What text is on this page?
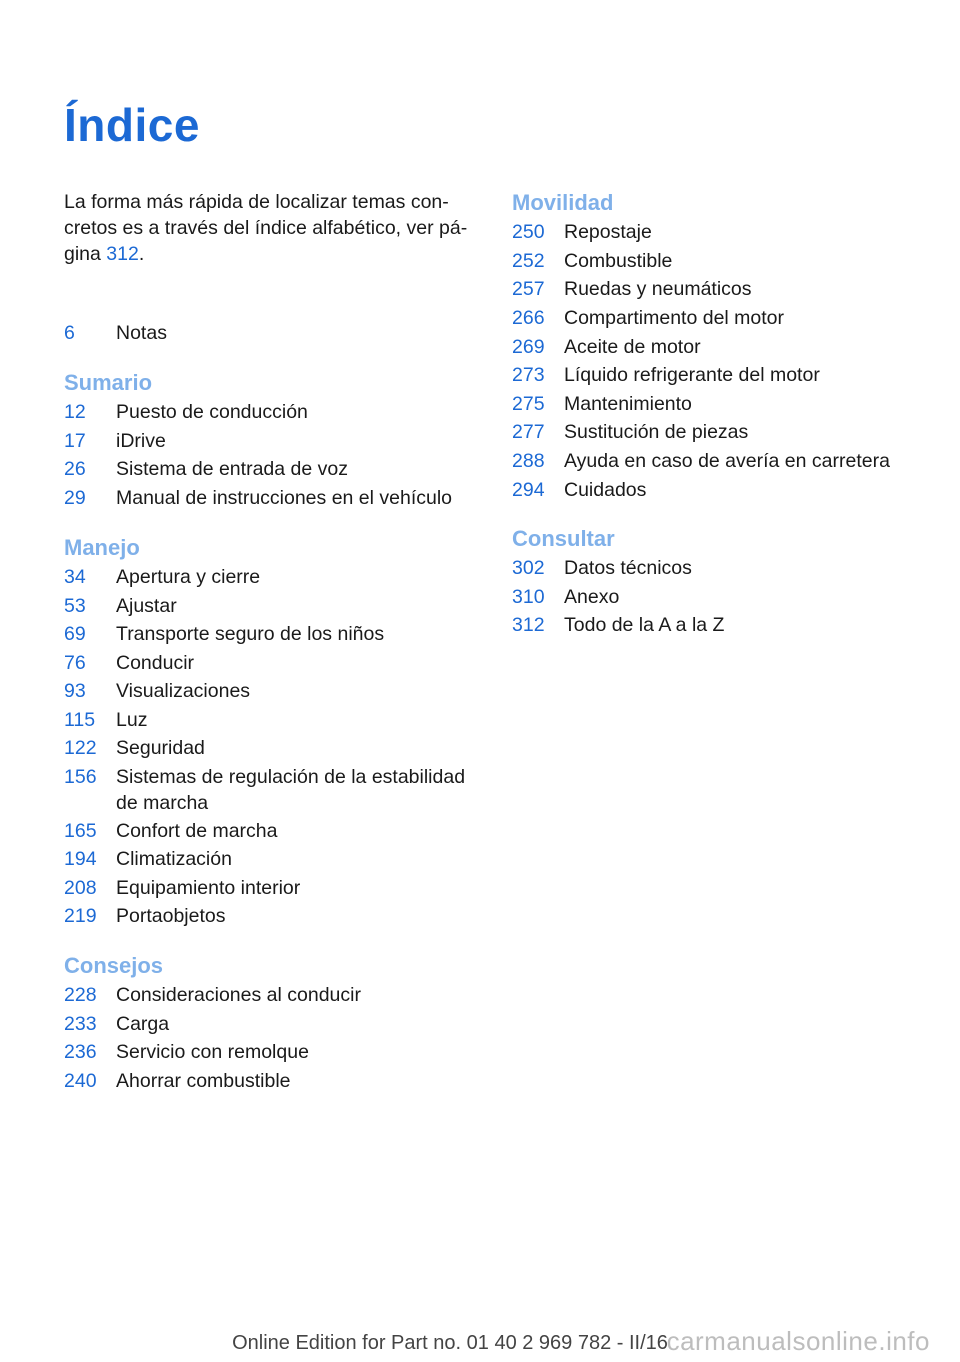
Índice
La forma más rápida de localizar temas con-
cretos es a través del índice alfabético, ver pá-
gina 312.
6	Notas
Sumario
12	Puesto de conducción
17	iDrive
26	Sistema de entrada de voz
29	Manual de instrucciones en el vehículo
Manejo
34	Apertura y cierre
53	Ajustar
69	Transporte seguro de los niños
76	Conducir
93	Visualizaciones
115	Luz
122 Seguridad
156 Sistemas de regulación de la estabilidad
de marcha
165 Confort de marcha
194 Climatización
208 Equipamiento interior
219 Portaobjetos
Consejos
228 Consideraciones al conducir
233 Carga
236 Servicio con remolque
240 Ahorrar combustible
Movilidad
250 Repostaje
252 Combustible
257 Ruedas y neumáticos
266 Compartimento del motor
269 Aceite de motor
273 Líquido refrigerante del motor
275 Mantenimiento
277 Sustitución de piezas
288 Ayuda en caso de avería en carretera
294 Cuidados
Consultar
302 Datos técnicos
310 Anexo
312 Todo de la A a la Z
Online Edition for Part no. 01 40 2 969 782 - II/16
carmanualsonline.info
